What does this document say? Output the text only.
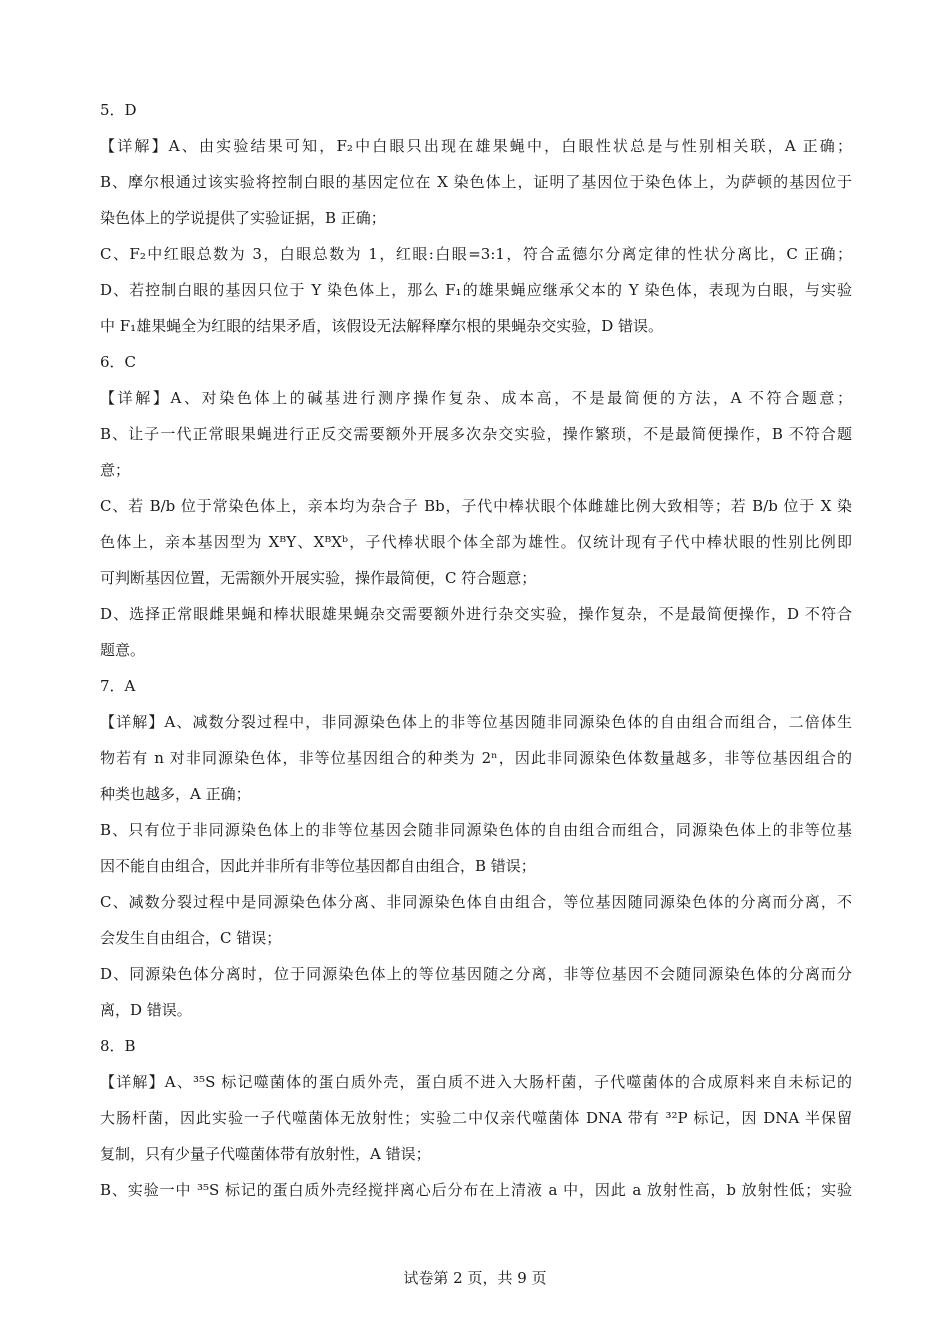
5．D
【详解】A、由实验结果可知，F₂中白眼只出现在雄果蝇中，白眼性状总是与性别相关联，A 正确；
B、摩尔根通过该实验将控制白眼的基因定位在 X 染色体上，证明了基因位于染色体上，为萨顿的基因位于
染色体上的学说提供了实验证据，B 正确；
C、F₂中红眼总数为 3，白眼总数为 1，红眼:白眼=3:1，符合孟德尔分离定律的性状分离比，C 正确；
D、若控制白眼的基因只位于 Y 染色体上，那么 F₁的雄果蝇应继承父本的 Y 染色体，表现为白眼，与实验
中 F₁雄果蝇全为红眼的结果矛盾，该假设无法解释摩尔根的果蝇杂交实验，D 错误。
6．C
【详解】A、对染色体上的碱基进行测序操作复杂、成本高，不是最简便的方法，A 不符合题意；
B、让子一代正常眼果蝇进行正反交需要额外开展多次杂交实验，操作繁琐，不是最简便操作，B 不符合题
意；
C、若 B/b 位于常染色体上，亲本均为杂合子 Bb，子代中棒状眼个体雌雄比例大致相等；若 B/b 位于 X 染
色体上，亲本基因型为 XᴮY、XᴮXᵇ，子代棒状眼个体全部为雄性。仅统计现有子代中棒状眼的性别比例即
可判断基因位置，无需额外开展实验，操作最简便，C 符合题意；
D、选择正常眼雌果蝇和棒状眼雄果蝇杂交需要额外进行杂交实验，操作复杂，不是最简便操作，D 不符合
题意。
7．A
【详解】A、减数分裂过程中，非同源染色体上的非等位基因随非同源染色体的自由组合而组合，二倍体生
物若有 n 对非同源染色体，非等位基因组合的种类为 2ⁿ，因此非同源染色体数量越多，非等位基因组合的
种类也越多，A 正确；
B、只有位于非同源染色体上的非等位基因会随非同源染色体的自由组合而组合，同源染色体上的非等位基
因不能自由组合，因此并非所有非等位基因都自由组合，B 错误；
C、减数分裂过程中是同源染色体分离、非同源染色体自由组合，等位基因随同源染色体的分离而分离，不
会发生自由组合，C 错误；
D、同源染色体分离时，位于同源染色体上的等位基因随之分离，非等位基因不会随同源染色体的分离而分
离，D 错误。
8．B
【详解】A、³⁵S 标记噬菌体的蛋白质外壳，蛋白质不进入大肠杆菌，子代噬菌体的合成原料来自未标记的
大肠杆菌，因此实验一子代噬菌体无放射性；实验二中仅亲代噬菌体 DNA 带有 ³²P 标记，因 DNA 半保留
复制，只有少量子代噬菌体带有放射性，A 错误；
B、实验一中 ³⁵S 标记的蛋白质外壳经搅拌离心后分布在上清液 a 中，因此 a 放射性高，b 放射性低；实验
试卷第 2 页，共 9 页
